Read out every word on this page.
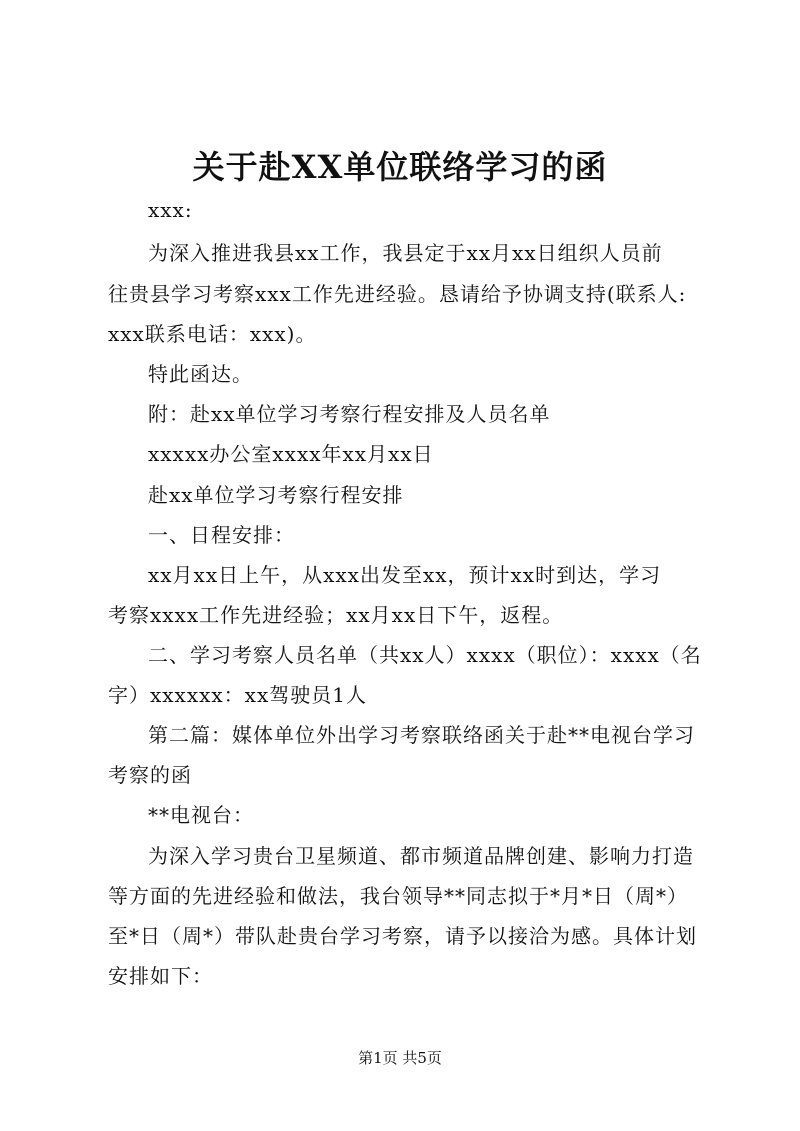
关于赴XX单位联络学习的函
xxx:
为深入推进我县xx工作，我县定于xx月xx日组织人员前
往贵县学习考察xxx工作先进经验。恳请给予协调支持(联系人:
xxx联系电话：xxx)。
特此函达。
附：赴xx单位学习考察行程安排及人员名单
xxxxx办公室xxxx年xx月xx日
赴xx单位学习考察行程安排
一、日程安排：
xx月xx日上午，从xxx出发至xx，预计xx时到达，学习
考察xxxx工作先进经验；xx月xx日下午，返程。
二、学习考察人员名单（共xx人）xxxx（职位）：xxxx（名
字）xxxxxx：xx驾驶员1人
第二篇：媒体单位外出学习考察联络函关于赴**电视台学习
考察的函
**电视台：
为深入学习贵台卫星频道、都市频道品牌创建、影响力打造
等方面的先进经验和做法，我台领导**同志拟于*月*日（周*）
至*日（周*）带队赴贵台学习考察，请予以接洽为感。具体计划
安排如下：
第1页 共5页
